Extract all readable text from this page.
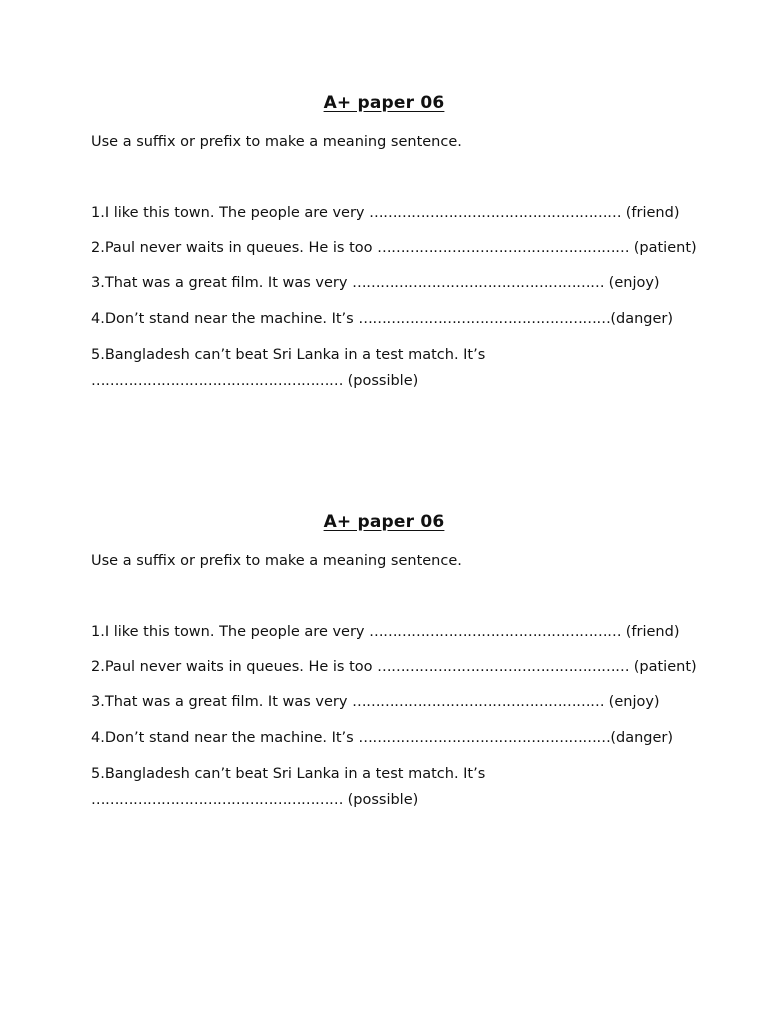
A+ paper 06
Use a suffix or prefix to make a meaning sentence.
1.I like this town. The people are very ……………………………………………… (friend)
2.Paul never waits in queues. He is too ……………………………………………… (patient)
3.That was a great film. It was very ……………………………………………… (enjoy)
4.Don’t stand near the machine. It’s ………………………………………………(danger)
5.Bangladesh can’t beat Sri Lanka in a test match. It’s
……………………………………………… (possible)
A+ paper 06
Use a suffix or prefix to make a meaning sentence.
1.I like this town. The people are very ……………………………………………… (friend)
2.Paul never waits in queues. He is too ……………………………………………… (patient)
3.That was a great film. It was very ……………………………………………… (enjoy)
4.Don’t stand near the machine. It’s ………………………………………………(danger)
5.Bangladesh can’t beat Sri Lanka in a test match. It’s
……………………………………………… (possible)
